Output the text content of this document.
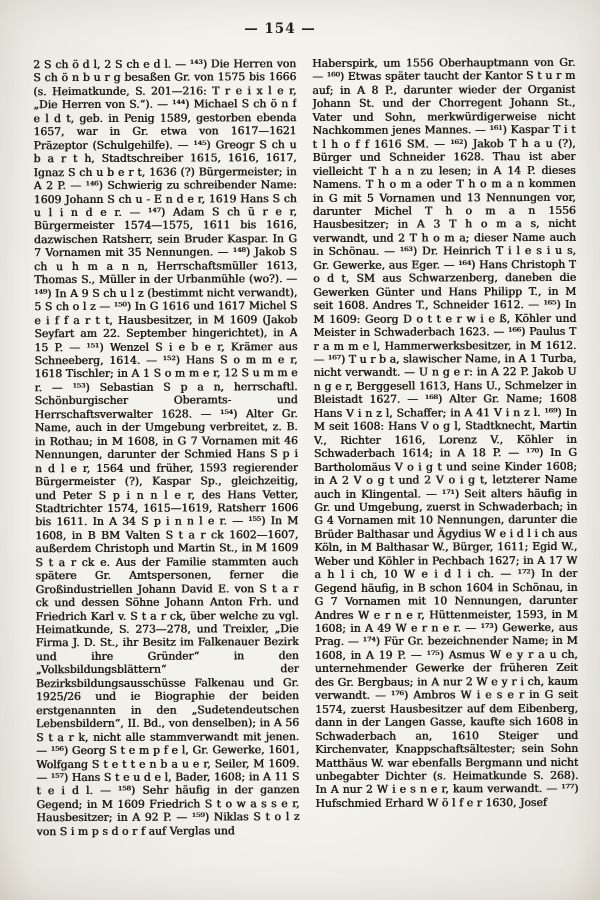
— 154 —
2 S ch ö d l, 2 S ch e d l. — ¹⁴³) Die Herren von S ch ö n b u r g besaßen Gr. von 1575 bis 1666 (s. Heimatkunde, S. 201—216: T r e i x l e r, „Die Herren von S.“). — ¹⁴⁴) Michael S ch ö n f e l d t, geb. in Penig 1589, gestorben ebenda 1657, war in Gr. etwa von 1617—1621 Präzeptor (Schulgehilfe). — ¹⁴⁵) Greogr S ch u b a r t h, Stadtschreiber 1615, 1616, 1617, Ignaz S ch u b e r t, 1636 (?) Bürgermeister; in A 2 P. — ¹⁴⁶) Schwierig zu schreibender Name: 1609 Johann S ch u - E n d e r, 1619 Hans S ch u l i n d e r. — ¹⁴⁷) Adam S ch ü r e r, Bürgermeister 1574—1575, 1611 bis 1616, dazwischen Ratsherr, sein Bruder Kaspar. In G 7 Vornamen mit 35 Nennungen. — ¹⁴⁸) Jakob S ch u h m a n n, Herrschaftsmüller 1613, Thomas S., Müller in der Urbanmühle (wo?). — ¹⁴⁹) In A 9 S ch u l z (bestimmt nicht verwandt), 5 S ch o l z — ¹⁵⁰) In G 1616 und 1617 Michel S e i f f a r t t, Hausbesitzer, in M 1609 (Jakob Seyfart am 22. September hingerichtet), in A 15 P. — ¹⁵¹) Wenzel S i e b e r, Krämer aus Schneeberg, 1614. — ¹⁵²) Hans S o m m e r, 1618 Tischler; in A 1 S o m m e r, 12 S u m m e r. — ¹⁵³) Sebastian S p a n, herrschaftl. Schönburgischer Oberamts- und Herrschaftsverwalter 1628. — ¹⁵⁴) Alter Gr. Name, auch in der Umgebung verbreitet, z. B. in Rothau; in M 1608, in G 7 Vornamen mit 46 Nennungen, darunter der Schmied Hans S p i n d l e r, 1564 und früher, 1593 regierender Bürgermeister (?), Kaspar Sp., gleichzeitig, und Peter S p i n n l e r, des Hans Vetter, Stadtrichter 1574, 1615—1619, Ratsherr 1606 bis 1611. In A 34 S p i n n l e r. — ¹⁵⁵) In M 1608, in B BM Valten S t a r ck 1602—1607, außerdem Christoph und Martin St., in M 1609 S t a r ck e. Aus der Familie stammten auch spätere Gr. Amtspersonen, ferner die Großindustriellen Johann David E. von S t a r ck und dessen Söhne Johann Anton Frh. und Friedrich Karl v. S t a r ck, über welche zu vgl. Heimatkunde, S. 273—278, und Treixler, „Die Firma J. D. St., ihr Besitz im Falkenauer Bezirk und ihre Gründer“ in den „Volksbildungsblättern“ der Bezirksbildungsausschüsse Falkenau und Gr. 1925/26 und ie Biographie der beiden erstgenannten in den „Sudetendeutschen Lebensbildern“, II. Bd., von denselben); in A 56 S t a r k, nicht alle stammverwandt mit jenen. — ¹⁵⁶) Georg S t e m p f e l, Gr. Gewerke, 1601, Wolfgang S t e t t e n b a u e r, Seiler, M 1609. — ¹⁵⁷) Hans S t e u d e l, Bader, 1608; in A 11 S t e i d l. — ¹⁵⁸) Sehr häufig in der ganzen Gegend; in M 1609 Friedrich S t o w a s s e r, Hausbesitzer; in A 92 P. — ¹⁵⁹) Niklas S t o l z von S i m p s d o r f auf Verglas und
Haberspirk, um 1556 Oberhauptmann von Gr. — ¹⁶⁰) Etwas später taucht der Kantor S t u r m auf; in A 8 P., darunter wieder der Organist Johann St. und der Chorregent Johann St., Vater und Sohn, merkwürdigerweise nicht Nachkommen jenes Mannes. — ¹⁶¹) Kaspar T i t t l h o f f 1616 SM. — ¹⁶²) Jakob T h a u (?), Bürger und Schneider 1628. Thau ist aber vielleicht T h a n zu lesen; in A 14 P. dieses Namens. T h o m a oder T h o m a n kommen in G mit 5 Vornamen und 13 Nennungen vor, darunter Michel T h o m a n 1556 Hausbesitzer; in A 3 T h o m a s, nicht verwandt, und 2 T h o m a; dieser Name auch in Schönau. — ¹⁶³) Dr. Heinrich T i l e s i u s, Gr. Gewerke, aus Eger. — ¹⁶⁴) Hans Christoph T o d t, SM aus Schwarzenberg, daneben die Gewerken Günter und Hans Philipp T., in M seit 1608. Andres T., Schneider 1612. — ¹⁶⁵) In M 1609: Georg D o t t e r w i e ß, Köhler und Meister in Schwaderbach 1623. — ¹⁶⁶) Paulus T r a m m e l, Hammerwerksbesitzer, in M 1612. — ¹⁶⁷) T u r b a, slawischer Name, in A 1 Turba, nicht verwandt. — U n g e r: in A 22 P. Jakob U n g e r, Berggesell 1613, Hans U., Schmelzer in Bleistadt 1627. — ¹⁶⁸) Alter Gr. Name; 1608 Hans V i n z l, Schaffer; in A 41 V i n z l. ¹⁶⁹) In M seit 1608: Hans V o g l, Stadtknecht, Martin V., Richter 1616, Lorenz V., Köhler in Schwaderbach 1614; in A 18 P. — ¹⁷⁰) In G Bartholomäus V o i g t und seine Kinder 1608; in A 2 V o g t und 2 V o i g t, letzterer Name auch in Klingental. — ¹⁷¹) Seit alters häufig in Gr. und Umgebung, zuerst in Schwaderbach; in G 4 Vornamen mit 10 Nennungen, darunter die Brüder Balthasar und Ägydius W e i d l i ch aus Köln, in M Balthasar W., Bürger, 1611; Egid W., Weber und Köhler in Pechbach 1627; in A 17 W a h l i ch, 10 W e i d l i ch. — ¹⁷²) In der Gegend häufig, in B schon 1604 in Schönau, in G 7 Vornamen mit 10 Nennungen, darunter Andres W e r n e r, Hüttenmeister, 1593, in M 1608; in A 49 W e r n e r. — ¹⁷³) Gewerke, aus Prag. — ¹⁷⁴) Für Gr. bezeichnender Name; in M 1608, in A 19 P. — ¹⁷⁵) Asmus W e y r a u ch, unternehmender Gewerke der früheren Zeit des Gr. Bergbaus; in A nur 2 W e y r i ch, kaum verwandt. — ¹⁷⁶) Ambros W i e s e r in G seit 1574, zuerst Hausbesitzer auf dem Eibenberg, dann in der Langen Gasse, kaufte sich 1608 in Schwaderbach an, 1610 Steiger und Kirchenvater, Knappschaftsältester; sein Sohn Matthäus W. war ebenfalls Bergmann und nicht unbegabter Dichter (s. Heimatkunde S. 268). In A nur 2 W i e s n e r, kaum verwandt. — ¹⁷⁷) Hufschmied Erhard W ö l f e r 1630, Josef
